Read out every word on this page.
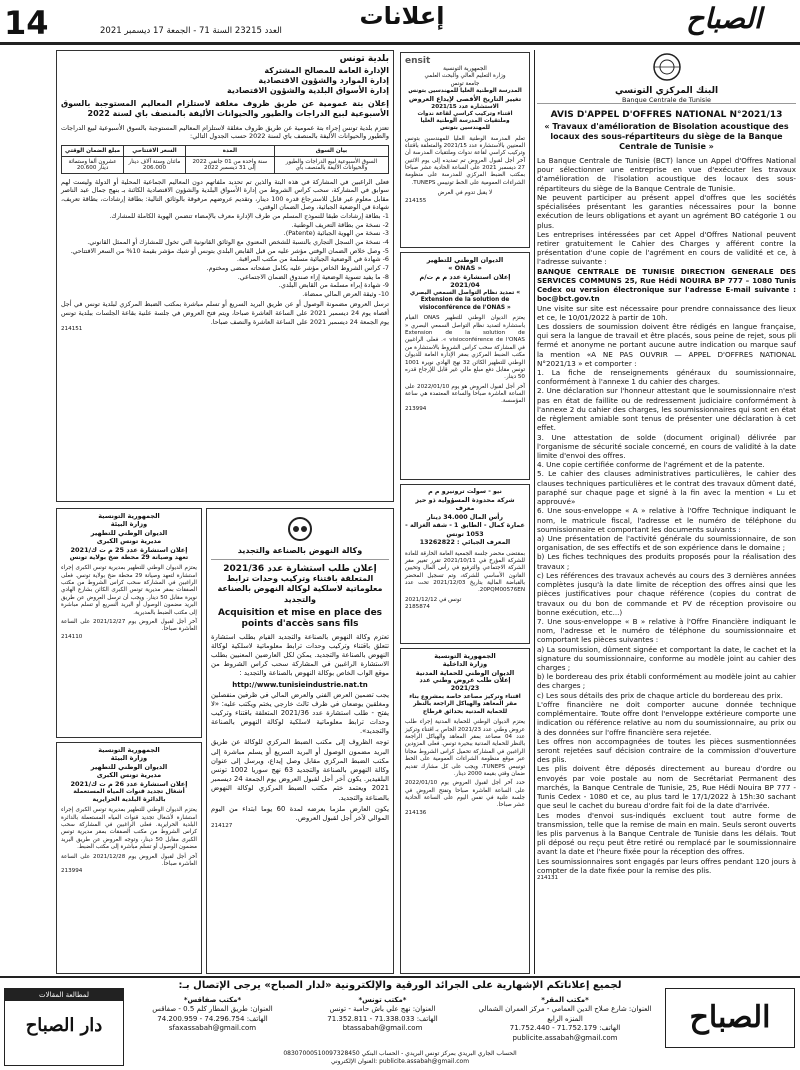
14	العدد 23215 السنة 71 - الجمعة 17 ديسمبر 2021
إعلانات	الصباح
البنك المركزي التونسي
Banque Centrale de Tunisie
AVIS D'APPEL D'OFFRES NATIONAL N°2021/13
« Travaux d'amélioration de Bisolation acoustique des locaux des sous-répartiteurs du siège de la Banque Centrale de Tunisie »

La Banque Centrale de Tunisie (BCT) lance un Appel d'Offres National pour sélectionner une entreprise en vue d'exécuter les travaux d'amélioration de l'isolation acoustique des locaux des sous-répartiteurs du siège de la Banque Centrale de Tunisie.

Ne peuvent participer au présent appel d'offres que les sociétés spécialisées présentant les garanties nécessaires pour la bonne exécution de leurs obligations et ayant un agrément BO catégorie 1 ou plus.

Les entreprises intéressées par cet Appel d'Offres National peuvent retirer gratuitement le Cahier des Charges y afférent contre la présentation d'une copie de l'agrément en cours de validité et ce, à l'adresse suivante :

BANQUE CENTRALE DE TUNISIE DIRECTION GENERALE DES SERVICES COMMUNS 25, Rue Hédi NOUIRA BP 777 – 1080 Tunis Cedex ou version électronique sur l'adresse E-mail suivante : boc@bct.gov.tn

Une visite sur site est nécessaire pour prendre connaissance des lieux et ce, le 10/01/2022 à partir de 10h.

Les dossiers de soumission doivent être rédigés en langue française, qui sera la langue de travail et être placés, sous peine de rejet, sous pli fermé et anonyme ne portant aucune autre indication ou marque sauf la mention «A NE PAS OUVRIR — APPEL D'OFFRES NATIONAL N°2021/13 » et comporter :

1. La fiche de renseignements généraux du soumissionnaire, conformément à l'annexe 1 du cahier des charges.

2. Une déclaration sur l'honneur attestant que le soumissionnaire n'est pas en état de faillite ou de redressement judiciaire conformément à l'annexe 2 du cahier des charges, les soumissionnaires qui sont en état de règlement amiable sont tenus de présenter une déclaration à cet effet.

3. Une attestation de solde (document original) délivrée par l'organisme de sécurité sociale concerné, en cours de validité à la date limite d'envoi des offres.

4. Une copie certifiée conforme de l'agrément et de la patente.

5. Le cahier des clauses administratives particulières, le cahier des clauses techniques particulières et le contrat des travaux dûment daté, paraphé sur chaque page et signé à la fin avec la mention « Lu et approuvé»

6. Une sous-enveloppe « A » relative à l'Offre Technique indiquant le nom, le matricule fiscal, l'adresse et le numéro de téléphone du soumissionnaire et comportant les documents suivants :

a) Une présentation de l'activité générale du soumissionnaire, de son organisation, de ses effectifs et de son expérience dans le domaine ;

b) Les fiches techniques des produits proposés pour la réalisation des travaux ;

c) Les références des travaux achevés au cours des 3 dernières années complètes jusqu'à la date limite de réception des offres ainsi que les pièces justificatives pour chaque référence (copies du contrat de travaux ou du bon de commande et PV de réception provisoire ou bonne exécution, etc...)

7. Une sous-enveloppe « B » relative à l'Offre Financière indiquant le nom, l'adresse et le numéro de téléphone du soumissionnaire et comportant les pièces suivantes :

a) La soumission, dûment signée et comportant la date, le cachet et la signature du soumissionnaire, conforme au modèle joint au cahier des charges ;

b) le bordereau des prix établi conformément au modèle joint au cahier des charges ;

c) Les sous détails des prix de chaque article du bordereau des prix.

L'offre financière ne doit comporter aucune donnée technique complémentaire. Toute offre dont l'enveloppe extérieure comporte une indication ou référence relative au nom du soumissionnaire, au prix ou à des données sur l'offre financière sera rejetée.

Les offres non accompagnées de toutes les pièces susmentionnées seront rejetées sauf décision contraire de la commission d'ouverture des plis.

Les plis doivent être déposés directement au bureau d'ordre ou envoyés par voie postale au nom de Secrétariat Permanent des marchés, la Banque Centrale de Tunisie, 25, Rue Hédi Nouira BP 777 - Tunis Cedex - 1080 et ce, au plus tard le 17/1/2022 à 15h:30 sachant que seul le cachet du bureau d'ordre fait foi de la date d'arrivée.

Les modes d'envoi sus-indiqués excluent tout autre forme de transmission, telle que la remise de main en main. Seuls seront ouverts les plis parvenus à la Banque Centrale de Tunisie dans les délais. Tout pli déposé ou reçu peut être retiré ou remplacé par le soumissionnaire avant la date et l'heure fixée pour la réception des offres.

Les soumissionnaires sont engagés par leurs offres pendant 120 jours à compter de la date fixée pour la remise des plis.

214131

ensit
الجمهورية التونسية
وزارة التعليم العالي والبحث العلمي
جامعة تونس
المدرسة الوطنية العليا للمهندسين بتونس
تغيير التاريخ الأقصى لإيداع العروض
الاستشارة عدد 2021/15
اقتناء وتركيب كراسي لقاعة ندوات وملتقيات المدرسة الوطنية العليا للمهندسين بتونس
تعلم المدرسة الوطنية العليا للمهندسين بتونس المعنيين بالاستشارة عدد 2021/15 والمتعلقة باقتناء وتركيب كراسي لقاعة ندوات وملتقيات المدرسة أن آخر أجل لقبول العروض تم تمديده إلى يوم الاثنين 27 ديسمبر 2021 على الساعة الحادية عشر صباحا بمكتب الضبط المركزي للمدرسة على منظومة الشراءات العمومية على الخط تونيبس TUNEPS.
لا يقبل تدوم في العرض
214155
الديوان الوطني للتطهير
« ONAS »
إعلان استشارة عدد م م ت/م 2021/04
تمديد نظام التواصل السمعي البصري « Extension de la solution de visioconférence de l'ONAS »
يعتزم الديوان الوطني للتطهير ONAS القيام باستشارة لتمديد نظام التواصل السمعي البصري « Extension de la solution de visioconférence de l'ONAS ». فعلى الراغبين في المشاركة سحب كراس الشروط بالاستشارة من مكتب الضبط المركزي بمقر الإدارة العامة للديوان الوطني للتطهير الكائن 32 نهج الهادي نويرة 1001 تونس مقابل دفع مبلغ مالي غير قابل للإرجاع قدره 50 دينار.
آخر أجل لقبول العروض هو يوم 2022/01/10 على الساعة العاشرة صباحا والساعة المعتمدة هي ساعة المؤسسة.
213994
نيو - سولت ترونيرو م م
شركة محدودة المسؤولية ذو حيز معرف
رأس المال 34.000 دينار
عمارة كمال - الطابق 1 - شقة الغزالة - 1053 تونس
المعرف الجبائي : 13262822
بمقتضى محضر جلسة الجمعية العامة الخارقة للعادة للشركة المؤرخ في 2021/10/11 تقرر تغيير مقر الشركة الاجتماعي والترفيع في رأس المال وتحيين القانون الأساسي للشركة، وتم تسجيل المحضر بالقباضة المالية بتاريخ 2021/12/03 تحت عدد 20PQM00576EN.
تونس في 2021/12/12
2185874
الجمهورية التونسية
وزارة الداخلية
الديوان الوطني للحماية المدنية
إعلان طلب عروض وطني عدد 2021/23
اقتناء وتركيز مصاعد خاصة بمشروع بناء مقر المعاهد والهياكل الراجعة بالنظر للحماية المدنية بحدائق قرطاج
يعتزم الديوان الوطني للحماية المدنية إجراء طلب عروض وطني عدد 2021/23 الخاص بـ اقتناء وتركيز عدد 04 مصاعد بمقر المعاهد والهياكل الراجعة بالنظر للحماية المدنية ببحيرة تونس. فعلى المزودين الراغبين في المشاركة تحميل كراس الشروط مجانا عبر موقع منظومة الشراءات العمومية على الخط تونيبس TUNEPS، ويجب على كل مشارك تقديم ضمان وقتي بقيمة 2000 دينار.
حدد آخر أجل لقبول العروض يوم 2022/01/10 على الساعة العاشرة صباحا وتفتح العروض في جلسة علنية في نفس اليوم على الساعة الحادية عشر صباحا.
214136
بلدية تونس
الإدارة العامة للمصالح المشتركة
إدارة الموارد والشؤون الاقتصادية
إدارة الأسواق البلدية والشؤون الاقتصادية
إعلان بتة عمومية عن طريق ظروف مغلقة لاستلزام المعاليم المستوجبة بالسوق الأسبوعية لبيع الدراجات والطيور والحيوانات الأليفة بالمنصف باي لسنة 2022
تعتزم بلدية تونس إجراء بتة عمومية عن طريق ظروف مغلقة لاستلزام المعاليم المستوجبة بالسوق الأسبوعية لبيع الدراجات والطيور والحيوانات الأليفة بالمنصف باي لسنة 2022 حسب الجدول التالي:
بيان السوق	المدة	السعر الافتتاحي	مبلغ الضمان الوقتي
السوق الأسبوعية لبيع الدراجات والطيور والحيوانات الأليفة بالمنصف باي	سنة واحدة من 01 جانفي 2022 إلى 31 ديسمبر 2022	مائتان وستة آلاف دينار 206.000	عشرون ألفا وستمائة دينار 20.600
فعلى الراغبين في المشاركة في هذه البتة والذين تم تحديد ملفاتهم دون المعاليم الجماعية المحلية أو الدولة وليست لهم سوابق في المشاركة، سحب كراس الشروط من إدارة الأسواق البلدية والشؤون الاقتصادية الكائنة بـ بنهج جمال عبد الناصر مقابل معلوم غير قابل للاسترجاع قدره 100 دينار، وتقديم عروضهم مرفوقة بالوثائق التالية: بطاقة إرشادات، بطاقة تعريف، شهادة في الوضعية الجبائية، وصل الضمان الوقتي.
1- بطاقة إرشادات طبقا للنموذج المسلم من طرف الإدارة معرف بالإمضاء تتضمن الهوية الكاملة للمشارك.
2- نسخة من بطاقة التعريف الوطنية.
3- نسخة من الهوية الجبائية (Patente).
4- نسخة من السجل التجاري بالنسبة للشخص المعنوي مع الوثائق القانونية التي تخول للمشارك أو الممثل القانوني.
5- وصل خلاص الضمان الوقتي مؤشر عليه من قبل القابض البلدي بتونس أو شيك مؤشر بقيمة 10% من السعر الافتتاحي.
6- شهادة في الوضعية الجبائية مسلمة من مكتب المراقبة.
7- كراس الشروط الخاص مؤشر عليه بكامل صفحاته ممضى ومختوم.
8- ما يفيد تسوية الوضعية إزاء صندوق الضمان الاجتماعي.
9- شهادة إبراء مسلمة من القابض البلدي.
10- وثيقة العرض المالي ممضاة.
ترسل العروض مضمونة الوصول أو عن طريق البريد السريع أو تسلم مباشرة بمكتب الضبط المركزي لبلدية تونس في أجل أقصاه يوم 24 ديسمبر 2021 على الساعة العاشرة صباحا، ويتم فتح العروض في جلسة علنية بقاعة الجلسات ببلدية تونس يوم الجمعة 24 ديسمبر 2021 على الساعة العاشرة والنصف صباحا.
214151
وكالة النهوض بالصناعة والتجديد
إعلان طلب استشارة عدد 2021/36
المتعلقة باقتناء وتركيب وحدات ترابط معلوماتية لاسلكية لوكالة النهوض بالصناعة والتجديد
Acquisition et mise en place des points d'accès sans fils
تعتزم وكالة النهوض بالصناعة والتجديد القيام بطلب استشارة تتعلق باقتناء وتركيب وحدات ترابط معلوماتية لاسلكية لوكالة النهوض بالصناعة والتجديد. يمكن لكل العارضين المعنيين بطلب الاستشارة الراغبين في المشاركة سحب كراس الشروط من موقع الواب الخاص بوكالة النهوض بالصناعة والتجديد :
http://www.tunisieindustrie.nat.tn
يجب تضمين العرض الفني والعرض المالي في ظرفين منفصلين ومغلقين يوضعان في ظرف ثالث خارجي يختم ويكتب عليه: «لا يفتح - طلب استشارة عدد 2021/36 المتعلقة باقتناء وتركيب وحدات ترابط معلوماتية لاسلكية لوكالة النهوض بالصناعة والتجديد».
توجه الظروف إلى مكتب الضبط المركزي للوكالة عن طريق البريد مضمون الوصول أو البريد السريع أو يسلم مباشرة إلى مكتب الضبط المركزي مقابل وصل إيداع، ويرسل إلى عنوان وكالة النهوض بالصناعة والتجديد 63 نهج سوريا 1002 تونس البلفيدير. يكون آخر أجل لقبول العروض يوم الجمعة 24 ديسمبر 2021 ويعتمد ختم مكتب الضبط المركزي لوكالة النهوض بالصناعة والتجديد.
يكون العارض ملزما بعرضه لمدة 60 يوما ابتداء من اليوم الموالي لآخر أجل لقبول العروض.
214127
الجمهورية التونسية
وزارة البيئة
الديوان الوطني للتطهير
مديرية تونس الكبرى
إعلان استشارة عدد 25 م ت ك/2021
تعهد وصيانة 29 محطة ضخ بولاية تونس
يعتزم الديوان الوطني للتطهير بمديرية تونس الكبرى إجراء استشارة لتعهد وصيانة 29 محطة ضخ بولاية تونس. فعلى الراغبين في المشاركة سحب كراس الشروط من مكتب الصفقات بمقر مديرية تونس الكبرى الكائن بشارع الهادي نويرة مقابل 50 دينار. ويجب أن ترسل العروض عن طريق البريد مضمون الوصول أو البريد السريع أو تسلم مباشرة إلى مكتب الضبط بالمديرية.
آخر أجل لقبول العروض يوم 2021/12/27 على الساعة العاشرة صباحا.
214110
الجمهورية التونسية
وزارة البيئة
الديوان الوطني للتطهير
مديرية تونس الكبرى
إعلان استشارة عدد 26 م ت ك/2021
أشغال تجديد قنوات المياه المستعملة بالدائرة البلدية الحرايرية
يعتزم الديوان الوطني للتطهير بمديرية تونس الكبرى إجراء استشارة لأشغال تجديد قنوات المياه المستعملة بالدائرة البلدية الحرايرية. فعلى الراغبين في المشاركة سحب كراس الشروط من مكتب الصفقات بمقر مديرية تونس الكبرى مقابل 50 دينار، وتوجه العروض عن طريق البريد مضمون الوصول أو تسلم مباشرة إلى مكتب الضبط.
آخر أجل لقبول العروض يوم 2021/12/28 على الساعة العاشرة صباحا.
213994
لجميع إعلاناتكم الإشهارية على الجرائد الورقية والإلكترونية «لدار الصباح» يرجى الإتصال بـ:
الصباح
*مكتب المقر*
العنوان: شارع صلاح الدين العمامي - مركز العمران الشمالي المنزه الرابع
الهاتف: 71.752.179 - 71.752.440
publicite.assabah@gmail.com
*مكتب تونس*
العنوان: نهج علي باش حامبة - تونس
الهاتف: 71.338.033 - 71.352.811
btassabah@gmail.com
*مكتب صفاقس*
العنوان: طريق المطار كلم 0.5 - صفاقس
الهاتف: 74.296.754 - 74.200.959
sfaxassabah@gmail.com
الحساب الجاري البريدي بمركز تونس البريدي - الحساب البنكي 08307000510097328450
العنوان الإلكتروني: publicite.assabah@gmail.com
لمطالعة المقالات
دار الصباح
